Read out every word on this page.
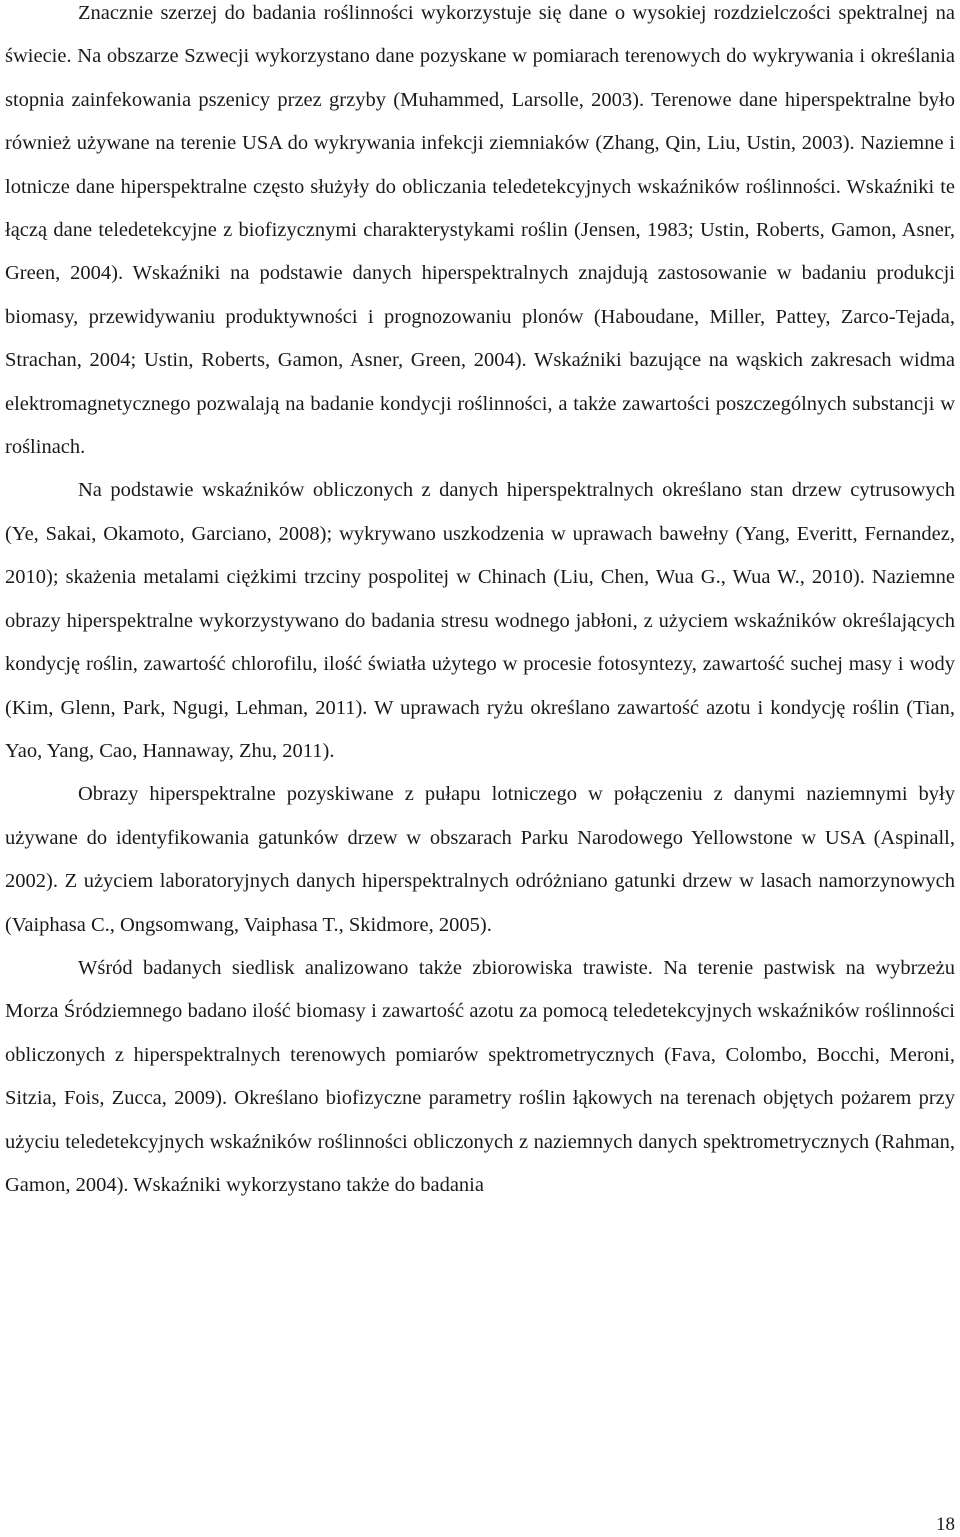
Znacznie szerzej do badania roślinności wykorzystuje się dane o wysokiej rozdzielczości spektralnej na świecie. Na obszarze Szwecji wykorzystano dane pozyskane w pomiarach terenowych do wykrywania i określania stopnia zainfekowania pszenicy przez grzyby (Muhammed, Larsolle, 2003). Terenowe dane hiperspektralne było również używane na terenie USA do wykrywania infekcji ziemniaków (Zhang, Qin, Liu, Ustin, 2003). Naziemne i lotnicze dane hiperspektralne często służyły do obliczania teledetekcyjnych wskaźników roślinności. Wskaźniki te łączą dane teledetekcyjne z biofizycznymi charakterystykami roślin (Jensen, 1983; Ustin, Roberts, Gamon, Asner, Green, 2004). Wskaźniki na podstawie danych hiperspektralnych znajdują zastosowanie w badaniu produkcji biomasy, przewidywaniu produktywności i prognozowaniu plonów (Haboudane, Miller, Pattey, Zarco-Tejada, Strachan, 2004; Ustin, Roberts, Gamon, Asner, Green, 2004). Wskaźniki bazujące na wąskich zakresach widma elektromagnetycznego pozwalają na badanie kondycji roślinności, a także zawartości poszczególnych substancji w roślinach.

Na podstawie wskaźników obliczonych z danych hiperspektralnych określano stan drzew cytrusowych (Ye, Sakai, Okamoto, Garciano, 2008); wykrywano uszkodzenia w uprawach bawełny (Yang, Everitt, Fernandez, 2010); skażenia metalami ciężkimi trzciny pospolitej w Chinach (Liu, Chen, Wua G., Wua W., 2010). Naziemne obrazy hiperspektralne wykorzystywano do badania stresu wodnego jabłoni, z użyciem wskaźników określających kondycję roślin, zawartość chlorofilu, ilość światła użytego w procesie fotosyntezy, zawartość suchej masy i wody (Kim, Glenn, Park, Ngugi, Lehman, 2011). W uprawach ryżu określano zawartość azotu i kondycję roślin (Tian, Yao, Yang, Cao, Hannaway, Zhu, 2011).

Obrazy hiperspektralne pozyskiwane z pułapu lotniczego w połączeniu z danymi naziemnymi były używane do identyfikowania gatunków drzew w obszarach Parku Narodowego Yellowstone w USA (Aspinall, 2002). Z użyciem laboratoryjnych danych hiperspektralnych odróżniano gatunki drzew w lasach namorzynowych (Vaiphasa C., Ongsomwang, Vaiphasa T., Skidmore, 2005).

Wśród badanych siedlisk analizowano także zbiorowiska trawiste. Na terenie pastwisk na wybrzeżu Morza Śródziemnego badano ilość biomasy i zawartość azotu za pomocą teledetekcyjnych wskaźników roślinności obliczonych z hiperspektralnych terenowych pomiarów spektrometrycznych (Fava, Colombo, Bocchi, Meroni, Sitzia, Fois, Zucca, 2009). Określano biofizyczne parametry roślin łąkowych na terenach objętych pożarem przy użyciu teledetekcyjnych wskaźników roślinności obliczonych z naziemnych danych spektrometrycznych (Rahman, Gamon, 2004). Wskaźniki wykorzystano także do badania

18
